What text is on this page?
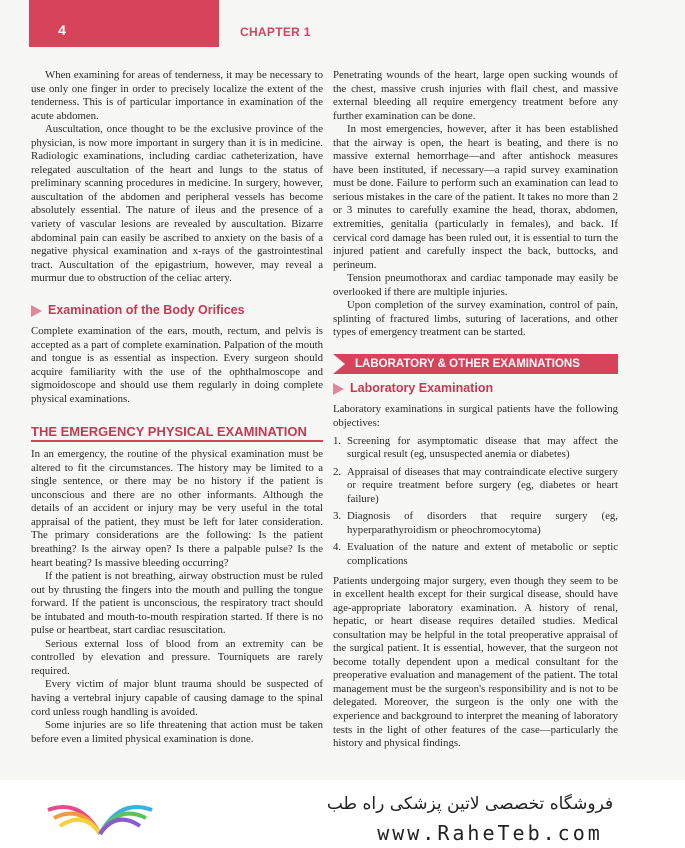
4	CHAPTER 1

When examining for areas of tenderness, it may be necessary to use only one finger in order to precisely localize the extent of the tenderness. This is of particular importance in examination of the acute abdomen.

Auscultation, once thought to be the exclusive province of the physician, is now more important in surgery than it is in medicine. Radiologic examinations, including cardiac catheterization, have relegated auscultation of the heart and lungs to the status of preliminary scanning procedures in medicine. In surgery, however, auscultation of the abdomen and peripheral vessels has become absolutely essential. The nature of ileus and the presence of a variety of vascular lesions are revealed by auscultation. Bizarre abdominal pain can easily be ascribed to anxiety on the basis of a negative physical examination and x-rays of the gastrointestinal tract. Auscultation of the epigastrium, however, may reveal a murmur due to obstruction of the celiac artery.

Examination of the Body Orifices

Complete examination of the ears, mouth, rectum, and pelvis is accepted as a part of complete examination. Palpation of the mouth and tongue is as essential as inspection. Every surgeon should acquire familiarity with the use of the ophthalmoscope and sigmoidoscope and should use them regularly in doing complete physical examinations.

THE EMERGENCY PHYSICAL EXAMINATION

In an emergency, the routine of the physical examination must be altered to fit the circumstances. The history may be limited to a single sentence, or there may be no history if the patient is unconscious and there are no other informants. Although the details of an accident or injury may be very useful in the total appraisal of the patient, they must be left for later consideration. The primary considerations are the following: Is the patient breathing? Is the airway open? Is there a palpable pulse? Is the heart beating? Is massive bleeding occurring?

If the patient is not breathing, airway obstruction must be ruled out by thrusting the fingers into the mouth and pulling the tongue forward. If the patient is unconscious, the respiratory tract should be intubated and mouth-to-mouth respiration started. If there is no pulse or heartbeat, start cardiac resuscitation.

Serious external loss of blood from an extremity can be controlled by elevation and pressure. Tourniquets are rarely required.

Every victim of major blunt trauma should be suspected of having a vertebral injury capable of causing damage to the spinal cord unless rough handling is avoided.

Some injuries are so life threatening that action must be taken before even a limited physical examination is done.

Penetrating wounds of the heart, large open sucking wounds of the chest, massive crush injuries with flail chest, and massive external bleeding all require emergency treatment before any further examination can be done.

In most emergencies, however, after it has been established that the airway is open, the heart is beating, and there is no massive external hemorrhage—and after antishock measures have been instituted, if necessary—a rapid survey examination must be done. Failure to perform such an examination can lead to serious mistakes in the care of the patient. It takes no more than 2 or 3 minutes to carefully examine the head, thorax, abdomen, extremities, genitalia (particularly in females), and back. If cervical cord damage has been ruled out, it is essential to turn the injured patient and carefully inspect the back, buttocks, and perineum.

Tension pneumothorax and cardiac tamponade may easily be overlooked if there are multiple injuries.

Upon completion of the survey examination, control of pain, splinting of fractured limbs, suturing of lacerations, and other types of emergency treatment can be started.

LABORATORY & OTHER EXAMINATIONS
Laboratory Examination

Laboratory examinations in surgical patients have the following objectives:

1. Screening for asymptomatic disease that may affect the surgical result (eg, unsuspected anemia or diabetes)
2. Appraisal of diseases that may contraindicate elective surgery or require treatment before surgery (eg, diabetes or heart failure)
3. Diagnosis of disorders that require surgery (eg, hyperparathyroidism or pheochromocytoma)
4. Evaluation of the nature and extent of metabolic or septic complications

Patients undergoing major surgery, even though they seem to be in excellent health except for their surgical disease, should have age-appropriate laboratory examination. A history of renal, hepatic, or heart disease requires detailed studies. Medical consultation may be helpful in the total preoperative appraisal of the surgical patient. It is essential, however, that the surgeon not become totally dependent upon a medical consultant for the preoperative evaluation and management of the patient. The total management must be the surgeon's responsibility and is not to be delegated. Moreover, the surgeon is the only one with the experience and background to interpret the meaning of laboratory tests in the light of other features of the case—particularly the history and physical findings.

فروشگاه تخصصی لاتین پزشکی راه طب
www.RaheTeb.com
